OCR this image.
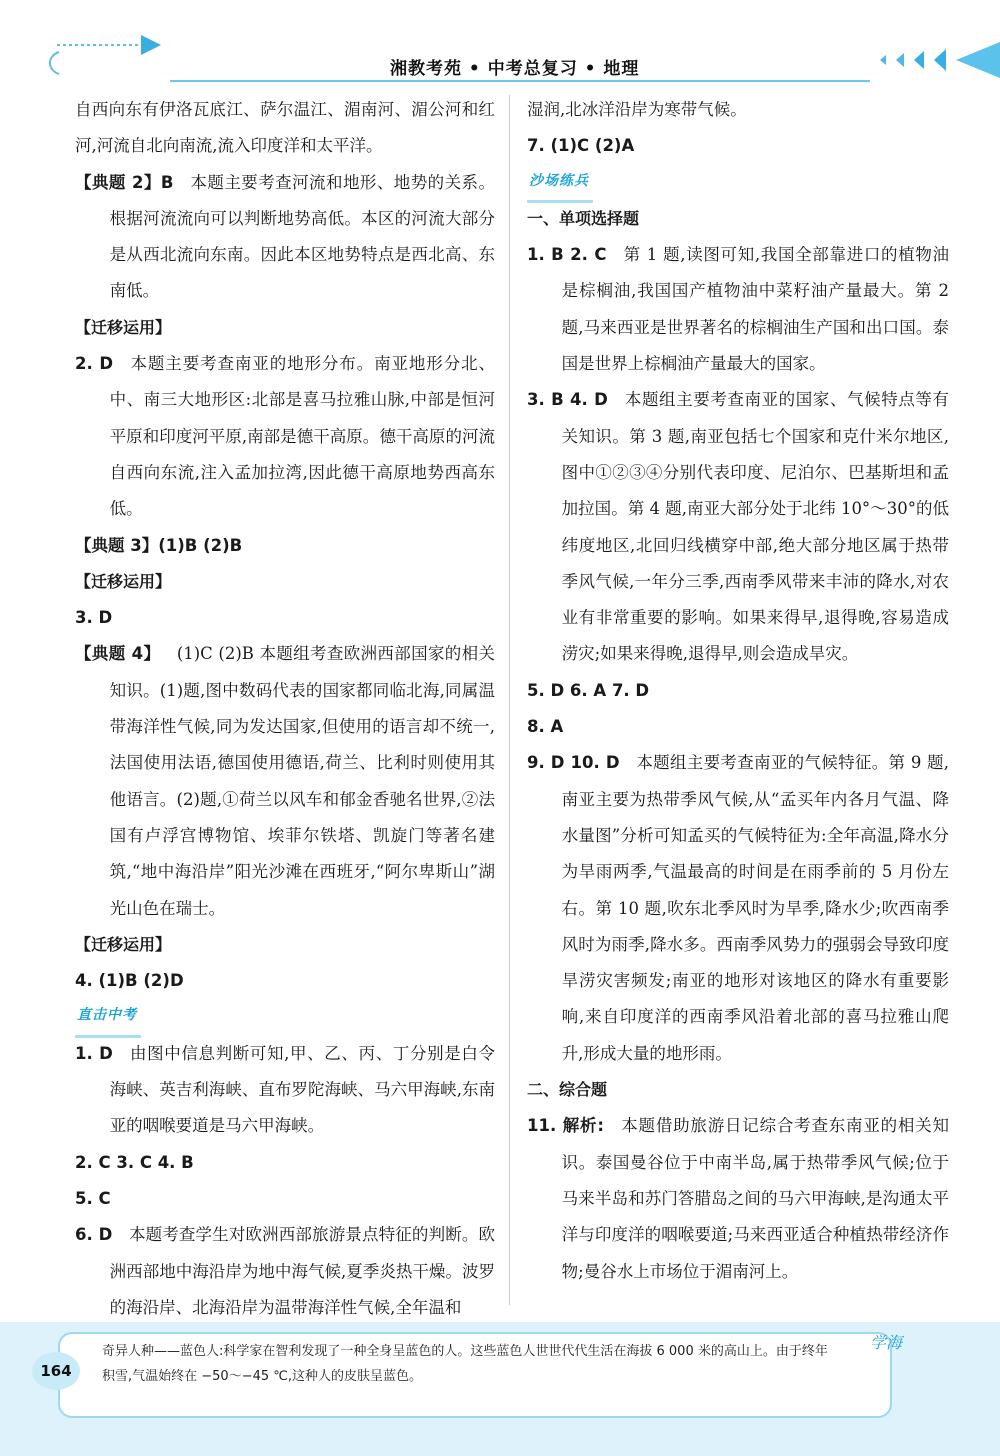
湘教考苑 • 中考总复习 • 地理

自西向东有伊洛瓦底江、萨尔温江、湄南河、湄公河和红河,河流自北向南流,流入印度洋和太平洋。

【典题 2】B 本题主要考查河流和地形、地势的关系。根据河流流向可以判断地势高低。本区的河流大部分是从西北流向东南。因此本区地势特点是西北高、东南低。

【迁移运用】

2. D 本题主要考查南亚的地形分布。南亚地形分北、中、南三大地形区:北部是喜马拉雅山脉,中部是恒河平原和印度河平原,南部是德干高原。德干高原的河流自西向东流,注入孟加拉湾,因此德干高原地势西高东低。

【典题 3】(1)B (2)B

【迁移运用】

3. D

【典题 4】 (1)C (2)B 本题组考查欧洲西部国家的相关知识。(1)题,图中数码代表的国家都同临北海,同属温带海洋性气候,同为发达国家,但使用的语言却不统一,法国使用法语,德国使用德语,荷兰、比利时则使用其他语言。(2)题,①荷兰以风车和郁金香驰名世界,②法国有卢浮宫博物馆、埃菲尔铁塔、凯旋门等著名建筑,“地中海沿岸”阳光沙滩在西班牙,“阿尔卑斯山”湖光山色在瑞士。

【迁移运用】

4. (1)B (2)D

直击中考

1. D 由图中信息判断可知,甲、乙、丙、丁分别是白令海峡、英吉利海峡、直布罗陀海峡、马六甲海峡,东南亚的咽喉要道是马六甲海峡。

2. C 3. C 4. B

5. C

6. D 本题考查学生对欧洲西部旅游景点特征的判断。欧洲西部地中海沿岸为地中海气候,夏季炎热干燥。波罗的海沿岸、北海沿岸为温带海洋性气候,全年温和

湿润,北冰洋沿岸为寒带气候。

7. (1)C (2)A

沙场练兵

一、单项选择题

1. B 2. C 第 1 题,读图可知,我国全部靠进口的植物油是棕榈油,我国国产植物油中菜籽油产量最大。第 2 题,马来西亚是世界著名的棕榈油生产国和出口国。泰国是世界上棕榈油产量最大的国家。

3. B 4. D 本题组主要考查南亚的国家、气候特点等有关知识。第 3 题,南亚包括七个国家和克什米尔地区,图中①②③④分别代表印度、尼泊尔、巴基斯坦和孟加拉国。第 4 题,南亚大部分处于北纬 10°～30°的低纬度地区,北回归线横穿中部,绝大部分地区属于热带季风气候,一年分三季,西南季风带来丰沛的降水,对农业有非常重要的影响。如果来得早,退得晚,容易造成涝灾;如果来得晚,退得早,则会造成旱灾。

5. D 6. A 7. D

8. A

9. D 10. D 本题组主要考查南亚的气候特征。第 9 题,南亚主要为热带季风气候,从“孟买年内各月气温、降水量图”分析可知孟买的气候特征为:全年高温,降水分为旱雨两季,气温最高的时间是在雨季前的 5 月份左右。第 10 题,吹东北季风时为旱季,降水少;吹西南季风时为雨季,降水多。西南季风势力的强弱会导致印度旱涝灾害频发;南亚的地形对该地区的降水有重要影响,来自印度洋的西南季风沿着北部的喜马拉雅山爬升,形成大量的地形雨。

二、综合题

11. 解析: 本题借助旅游日记综合考查东南亚的相关知识。泰国曼谷位于中南半岛,属于热带季风气候;位于马来半岛和苏门答腊岛之间的马六甲海峡,是沟通太平洋与印度洋的咽喉要道;马来西亚适合种植热带经济作物;曼谷水上市场位于湄南河上。

164
奇异人种——蓝色人:科学家在智利发现了一种全身呈蓝色的人。这些蓝色人世世代代生活在海拔 6 000 米的高山上。由于终年积雪,气温始终在 −50～−45 ℃,这种人的皮肤呈蓝色。
学海
